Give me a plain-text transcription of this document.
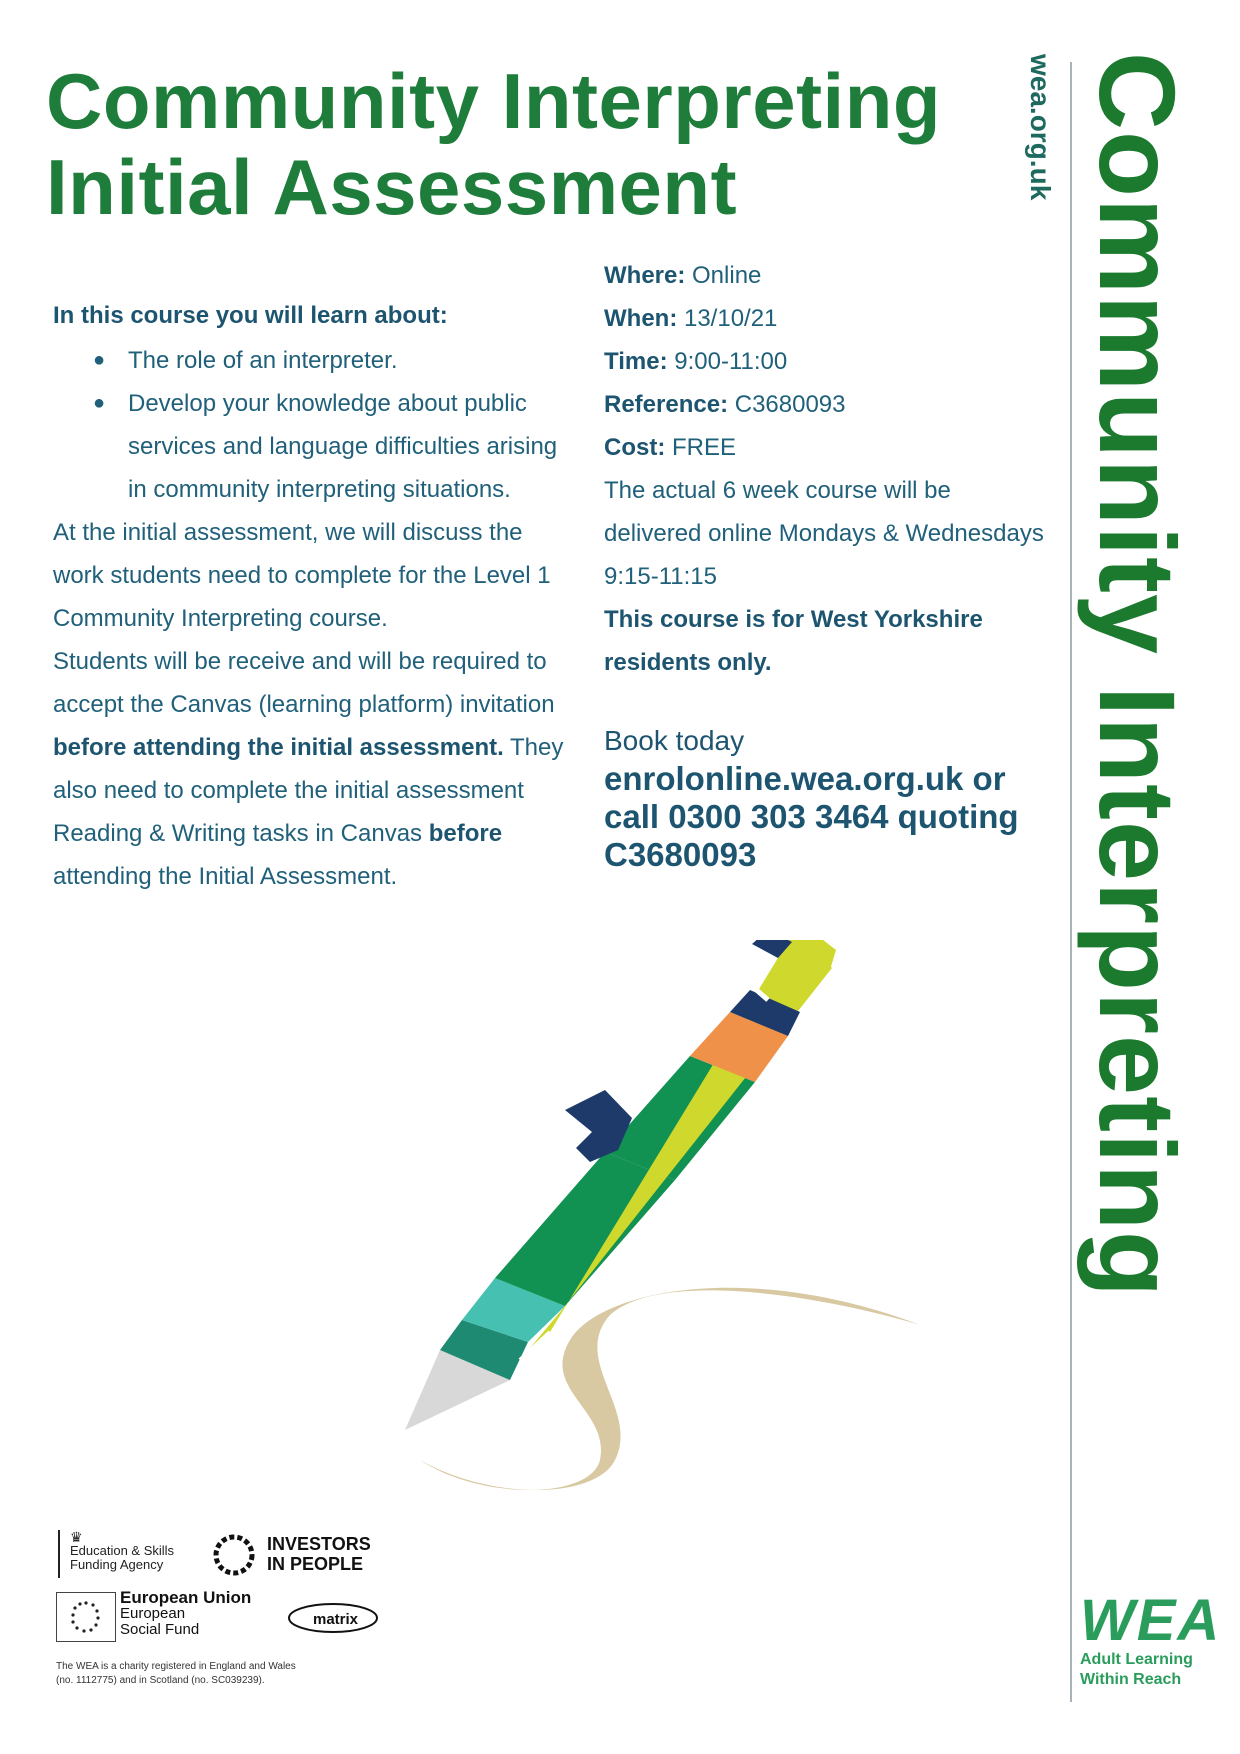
Community Interpreting
Initial Assessment
In this course you will learn about:
● The role of an interpreter.
● Develop your knowledge about public services and language difficulties arising in community interpreting situations.

At the initial assessment, we will discuss the work students need to complete for the Level 1 Community Interpreting course.

Students will be receive and will be required to accept the Canvas (learning platform) invitation before attending the initial assessment. They also need to complete the initial assessment Reading & Writing tasks in Canvas before attending the Initial Assessment.

Where: Online
When: 13/10/21
Time: 9:00-11:00
Reference: C3680093
Cost: FREE

The actual 6 week course will be delivered online Mondays & Wednesdays 9:15-11:15

This course is for West Yorkshire residents only.

Book today
enrolonline.wea.org.uk or
call 0300 303 3464 quoting
C3680093
wea.org.uk Community Interpreting
♛
Education & Skills
Funding Agency
INVESTORS
IN PEOPLE
European Union
European
Social Fund
matrix
The WEA is a charity registered in England and Wales
(no. 1112775) and in Scotland (no. SC039239).
WEA
Adult Learning
Within Reach
